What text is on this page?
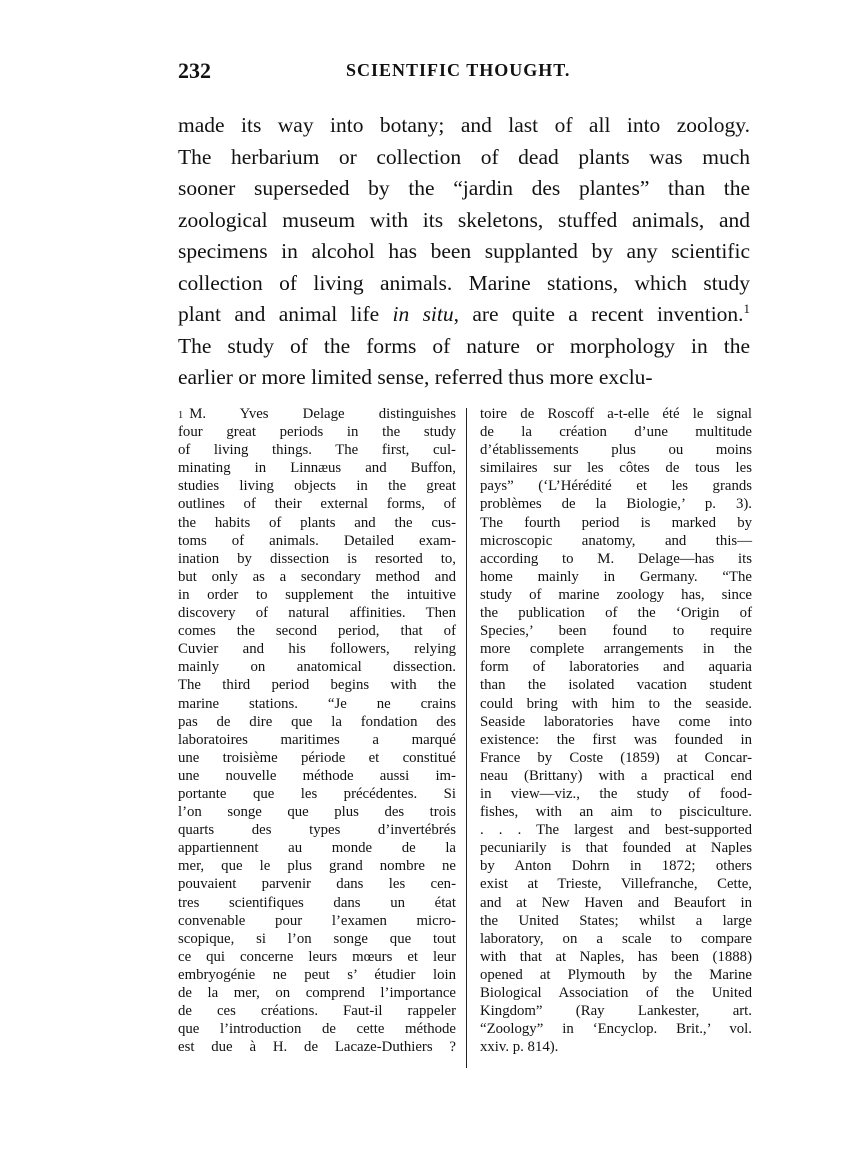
232	SCIENTIFIC THOUGHT.
made its way into botany; and last of all into zoology.
The herbarium or collection of dead plants was much
sooner superseded by the “jardin des plantes” than the
zoological museum with its skeletons, stuffed animals, and
specimens in alcohol has been supplanted by any scientific
collection of living animals. Marine stations, which study
plant and animal life in situ, are quite a recent invention.$^1$
The study of the forms of nature or morphology in the
earlier or more limited sense, referred thus more exclu-
1 M. Yves Delage distinguishes
four great periods in the study
of living things. The first, cul-
minating in Linnæus and Buffon,
studies living objects in the great
outlines of their external forms, of
the habits of plants and the cus-
toms of animals. Detailed exam-
ination by dissection is resorted to,
but only as a secondary method and
in order to supplement the intuitive
discovery of natural affinities. Then
comes the second period, that of
Cuvier and his followers, relying
mainly on anatomical dissection.
The third period begins with the
marine stations. “Je ne crains
pas de dire que la fondation des
laboratoires maritimes a marqué
une troisième période et constitué
une nouvelle méthode aussi im-
portante que les précédentes. Si
l’on songe que plus des trois
quarts des types d’invertébrés
appartiennent au monde de la
mer, que le plus grand nombre ne
pouvaient parvenir dans les cen-
tres scientifiques dans un état
convenable pour l’examen micro-
scopique, si l’on songe que tout
ce qui concerne leurs mœurs et leur
embryogénie ne peut s’ étudier loin
de la mer, on comprend l’importance
de ces créations. Faut-il rappeler
que l’introduction de cette méthode
est due à H. de Lacaze-Duthiers ?
toire de Roscoff a-t-elle été le signal
de la création d’une multitude
d’établissements plus ou moins
similaires sur les côtes de tous les
pays” (‘L’Hérédité et les grands
problèmes de la Biologie,’ p. 3).
The fourth period is marked by
microscopic anatomy, and this—
according to M. Delage—has its
home mainly in Germany. “The
study of marine zoology has, since
the publication of the ‘Origin of
Species,’ been found to require
more complete arrangements in the
form of laboratories and aquaria
than the isolated vacation student
could bring with him to the seaside.
Seaside laboratories have come into
existence: the first was founded in
France by Coste (1859) at Concar-
neau (Brittany) with a practical end
in view—viz., the study of food-
fishes, with an aim to pisciculture.
. . . The largest and best-supported
pecuniarily is that founded at Naples
by Anton Dohrn in 1872; others
exist at Trieste, Villefranche, Cette,
and at New Haven and Beaufort in
the United States; whilst a large
laboratory, on a scale to compare
with that at Naples, has been (1888)
opened at Plymouth by the Marine
Biological Association of the United
Kingdom” (Ray Lankester, art.
“Zoology” in ‘Encyclop. Brit.,’ vol.
xxiv. p. 814).
